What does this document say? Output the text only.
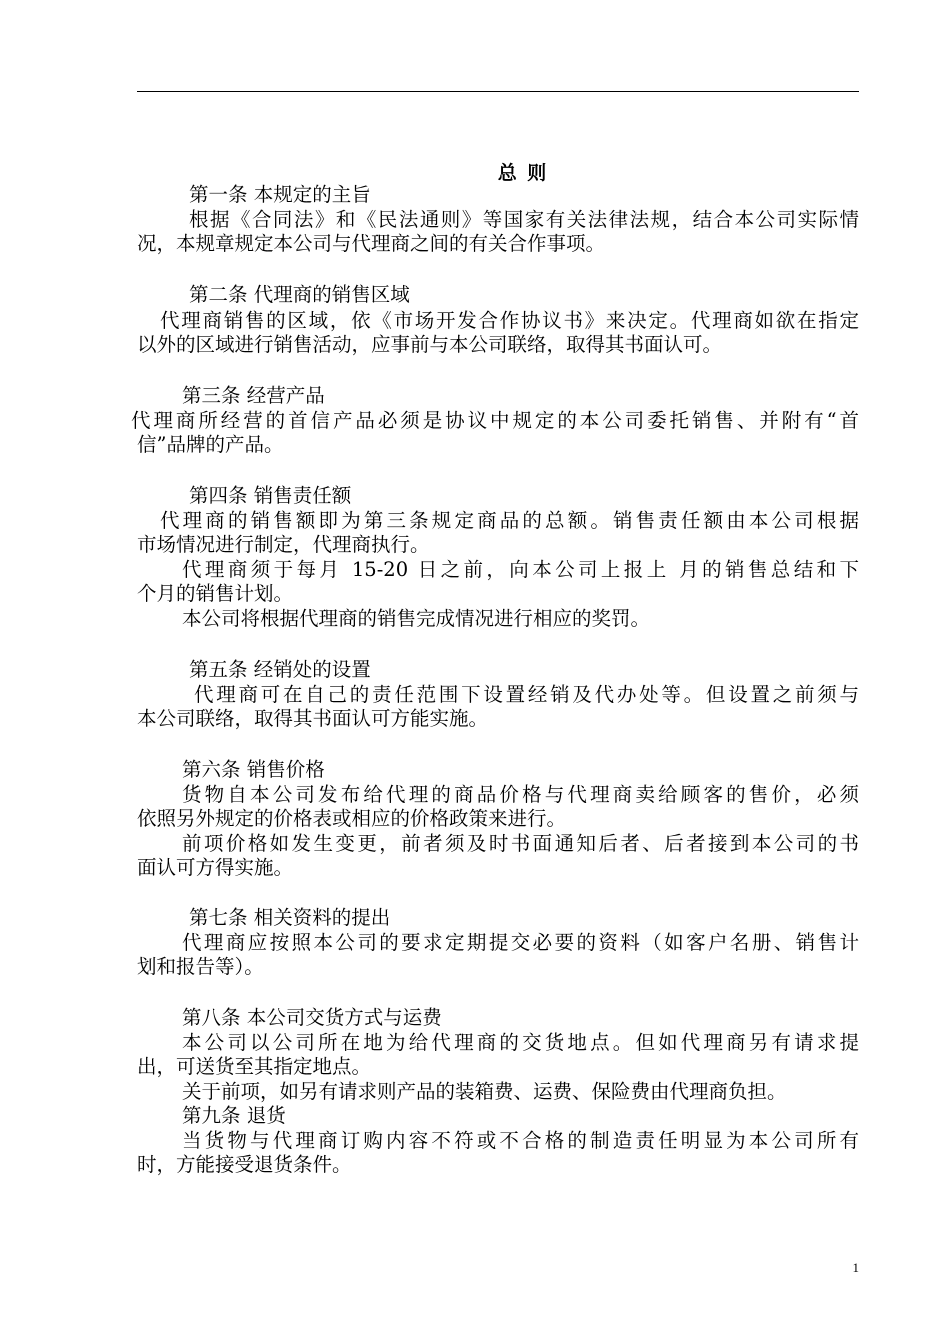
总 则
第一条 本规定的主旨
根据《合同法》和《民法通则》等国家有关法律法规，结合本公司实际情
况，本规章规定本公司与代理商之间的有关合作事项。
第二条 代理商的销售区域
代理商销售的区域，依《市场开发合作协议书》来决定。代理商如欲在指定
以外的区域进行销售活动，应事前与本公司联络，取得其书面认可。
第三条 经营产品
代理商所经营的首信产品必须是协议中规定的本公司委托销售、并附有“首
信”品牌的产品。
第四条 销售责任额
代理商的销售额即为第三条规定商品的总额。销售责任额由本公司根据
市场情况进行制定，代理商执行。
代理商须于每月 15-20 日之前，向本公司上报上 月的销售总结和下
个月的销售计划。
本公司将根据代理商的销售完成情况进行相应的奖罚。
第五条 经销处的设置
代理商可在自己的责任范围下设置经销及代办处等。但设置之前须与
本公司联络，取得其书面认可方能实施。
第六条 销售价格
货物自本公司发布给代理的商品价格与代理商卖给顾客的售价，必须
依照另外规定的价格表或相应的价格政策来进行。
前项价格如发生变更，前者须及时书面通知后者、后者接到本公司的书
面认可方得实施。
第七条 相关资料的提出
代理商应按照本公司的要求定期提交必要的资料（如客户名册、销售计
划和报告等）。
第八条 本公司交货方式与运费
本公司以公司所在地为给代理商的交货地点。但如代理商另有请求提
出，可送货至其指定地点。
关于前项，如另有请求则产品的装箱费、运费、保险费由代理商负担。
第九条 退货
当货物与代理商订购内容不符或不合格的制造责任明显为本公司所有
时，方能接受退货条件。
1
